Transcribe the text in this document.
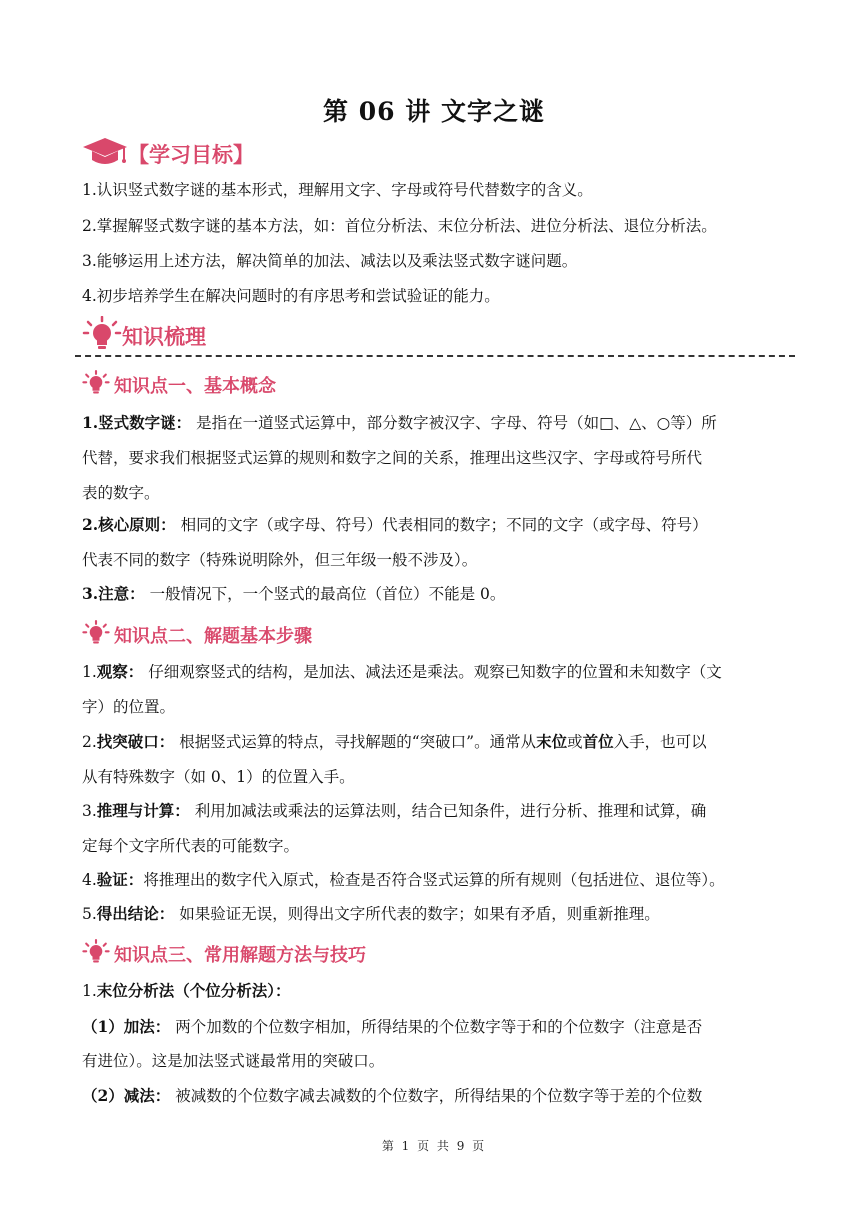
第 06 讲 文字之谜
【学习目标】
1.认识竖式数字谜的基本形式，理解用文字、字母或符号代替数字的含义。
2.掌握解竖式数字谜的基本方法，如：首位分析法、末位分析法、进位分析法、退位分析法。
3.能够运用上述方法，解决简单的加法、减法以及乘法竖式数字谜问题。
4.初步培养学生在解决问题时的有序思考和尝试验证的能力。
知识梳理
知识点一、基本概念
1.竖式数字谜： 是指在一道竖式运算中，部分数字被汉字、字母、符号（如□、△、○等）所
代替，要求我们根据竖式运算的规则和数字之间的关系，推理出这些汉字、字母或符号所代
表的数字。
2.核心原则： 相同的文字（或字母、符号）代表相同的数字；不同的文字（或字母、符号）
代表不同的数字（特殊说明除外，但三年级一般不涉及）。
3.注意： 一般情况下，一个竖式的最高位（首位）不能是 0。
知识点二、解题基本步骤
1.观察： 仔细观察竖式的结构，是加法、减法还是乘法。观察已知数字的位置和未知数字（文
字）的位置。
2.找突破口： 根据竖式运算的特点，寻找解题的“突破口”。通常从末位或首位入手，也可以
从有特殊数字（如 0、1）的位置入手。
3.推理与计算： 利用加减法或乘法的运算法则，结合已知条件，进行分析、推理和试算，确
定每个文字所代表的可能数字。
4.验证：将推理出的数字代入原式，检查是否符合竖式运算的所有规则（包括进位、退位等）。
5.得出结论： 如果验证无误，则得出文字所代表的数字；如果有矛盾，则重新推理。
知识点三、常用解题方法与技巧
1.末位分析法（个位分析法）：
（1）加法： 两个加数的个位数字相加，所得结果的个位数字等于和的个位数字（注意是否
有进位）。这是加法竖式谜最常用的突破口。
（2）减法： 被减数的个位数字减去减数的个位数字，所得结果的个位数字等于差的个位数
第 1 页 共 9 页
